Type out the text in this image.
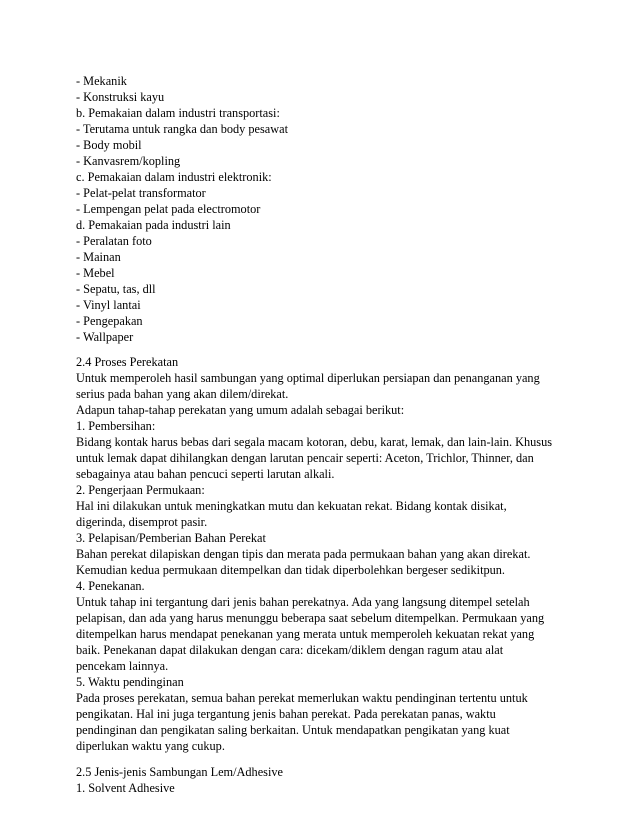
- Mekanik
- Konstruksi kayu
b. Pemakaian dalam industri transportasi:
- Terutama untuk rangka dan body pesawat
- Body mobil
- Kanvasrem/kopling
c. Pemakaian dalam industri elektronik:
- Pelat-pelat transformator
- Lempengan pelat pada electromotor
d. Pemakaian pada industri lain
- Peralatan foto
- Mainan
- Mebel
- Sepatu, tas, dll
- Vinyl lantai
- Pengepakan
- Wallpaper
2.4 Proses Perekatan
Untuk memperoleh hasil sambungan yang optimal diperlukan persiapan dan penanganan yang
serius pada bahan yang akan dilem/direkat.
Adapun tahap-tahap perekatan yang umum adalah sebagai berikut:
1. Pembersihan:
Bidang kontak harus bebas dari segala macam kotoran, debu, karat, lemak, dan lain-lain. Khusus
untuk lemak dapat dihilangkan dengan larutan pencair seperti: Aceton, Trichlor, Thinner, dan
sebagainya atau bahan pencuci seperti larutan alkali.
2. Pengerjaan Permukaan:
Hal ini dilakukan untuk meningkatkan mutu dan kekuatan rekat. Bidang kontak disikat,
digerinda, disemprot pasir.
3. Pelapisan/Pemberian Bahan Perekat
Bahan perekat dilapiskan dengan tipis dan merata pada permukaan bahan yang akan direkat.
Kemudian kedua permukaan ditempelkan dan tidak diperbolehkan bergeser sedikitpun.
4. Penekanan.
Untuk tahap ini tergantung dari jenis bahan perekatnya. Ada yang langsung ditempel setelah
pelapisan, dan ada yang harus menunggu beberapa saat sebelum ditempelkan. Permukaan yang
ditempelkan harus mendapat penekanan yang merata untuk memperoleh kekuatan rekat yang
baik. Penekanan dapat dilakukan dengan cara: dicekam/diklem dengan ragum atau alat
pencekam lainnya.
5. Waktu pendinginan
Pada proses perekatan, semua bahan perekat memerlukan waktu pendinginan tertentu untuk
pengikatan. Hal ini juga tergantung jenis bahan perekat. Pada perekatan panas, waktu
pendinginan dan pengikatan saling berkaitan. Untuk mendapatkan pengikatan yang kuat
diperlukan waktu yang cukup.
2.5 Jenis-jenis Sambungan Lem/Adhesive
1. Solvent Adhesive
